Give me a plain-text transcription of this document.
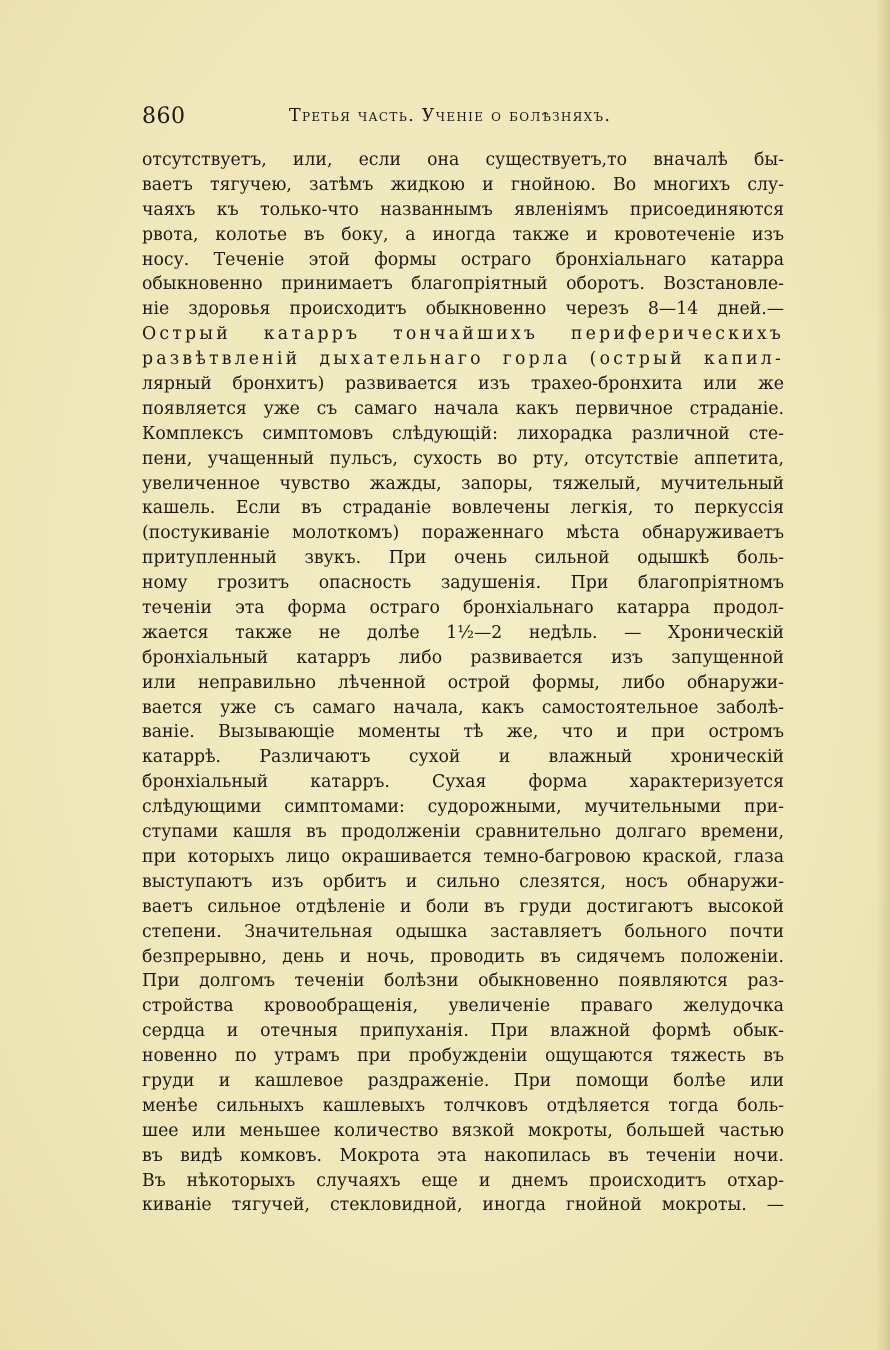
860	Третья часть. Ученіе о болѣзняхъ.
отсутствуетъ, или, если она существуетъ,то вначалѣ бы-
ваетъ тягучею, затѣмъ жидкою и гнойною. Во многихъ слу-
чаяхъ къ только-что названнымъ явленіямъ присоединяются
рвота, колотье въ боку, а иногда также и кровотеченіе изъ
носу. Теченіе этой формы остраго бронхіальнаго катарра
обыкновенно принимаетъ благопріятный оборотъ. Возстановле-
ніе здоровья происходитъ обыкновенно черезъ 8—14 дней.—
Острый катарръ тончайшихъ периферическихъ
развѣтвленій дыхательнаго горла (острый капил-
лярный бронхитъ) развивается изъ трахео-бронхита или же
появляется уже съ самаго начала какъ первичное страданіе.
Комплексъ симптомовъ слѣдующій: лихорадка различной сте-
пени, учащенный пульсъ, сухость во рту, отсутствіе аппетита,
увеличенное чувство жажды, запоры, тяжелый, мучительный
кашель. Если въ страданіе вовлечены легкія, то перкуссія
(постукиваніе молоткомъ) пораженнаго мѣста обнаруживаетъ
притупленный звукъ. При очень сильной одышкѣ боль-
ному грозитъ опасность задушенія. При благопріятномъ
теченіи эта форма остраго бронхіальнаго катарра продол-
жается также не долѣе 1½—2 недѣль. — Хроническій
бронхіальный катарръ либо развивается изъ запущенной
или неправильно лѣченной острой формы, либо обнаружи-
вается уже съ самаго начала, какъ самостоятельное заболѣ-
ваніе. Вызывающіе моменты тѣ же, что и при остромъ
катаррѣ. Различаютъ сухой и влажный хроническій
бронхіальный катарръ. Сухая форма характеризуется
слѣдующими симптомами: судорожными, мучительными при-
ступами кашля въ продолженіи сравнительно долгаго времени,
при которыхъ лицо окрашивается темно-багровою краской, глаза
выступаютъ изъ орбитъ и сильно слезятся, носъ обнаружи-
ваетъ сильное отдѣленіе и боли въ груди достигаютъ высокой
степени. Значительная одышка заставляетъ больного почти
безпрерывно, день и ночь, проводить въ сидячемъ положеніи.
При долгомъ теченіи болѣзни обыкновенно появляются раз-
стройства кровообращенія, увеличеніе праваго желудочка
сердца и отечныя припуханія. При влажной формѣ обык-
новенно по утрамъ при пробужденіи ощущаются тяжесть въ
груди и кашлевое раздраженіе. При помощи болѣе или
менѣе сильныхъ кашлевыхъ толчковъ отдѣляется тогда боль-
шее или меньшее количество вязкой мокроты, большей частью
въ видѣ комковъ. Мокрота эта накопилась въ теченіи ночи.
Въ нѣкоторыхъ случаяхъ еще и днемъ происходитъ отхар-
киваніе тягучей, стекловидной, иногда гнойной мокроты. —
